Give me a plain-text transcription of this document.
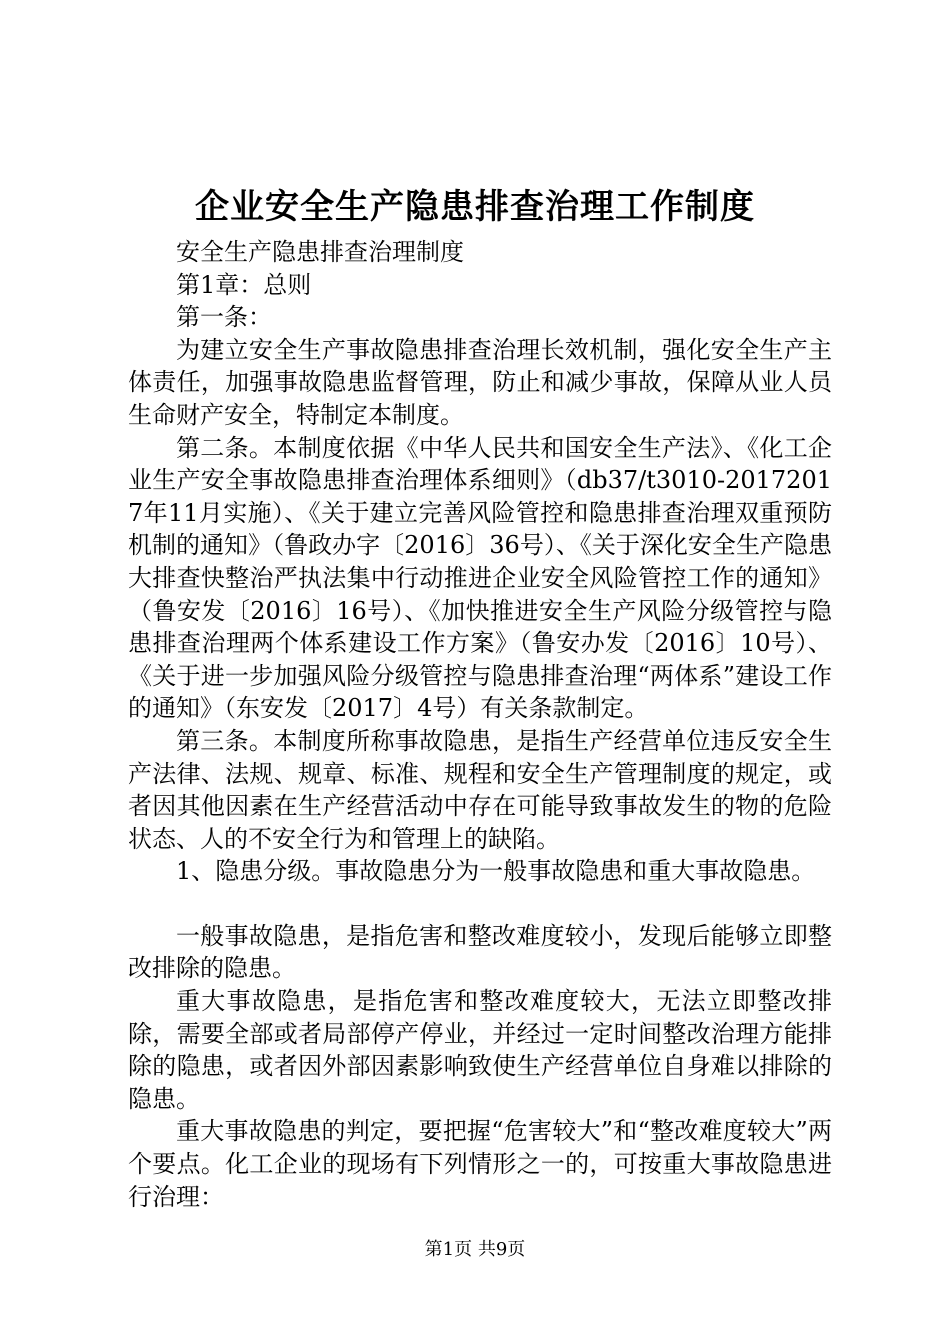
企业安全生产隐患排查治理工作制度

安全生产隐患排查治理制度

第1章：总则

第一条：

为建立安全生产事故隐患排查治理长效机制，强化安全生产主体责任，加强事故隐患监督管理，防止和减少事故，保障从业人员生命财产安全，特制定本制度。

第二条。本制度依据《中华人民共和国安全生产法》、《化工企业生产安全事故隐患排查治理体系细则》（db37/t3010-20172017年11月实施）、《关于建立完善风险管控和隐患排查治理双重预防机制的通知》（鲁政办字〔2016〕36号）、《关于深化安全生产隐患大排查快整治严执法集中行动推进企业安全风险管控工作的通知》（鲁安发〔2016〕16号）、《加快推进安全生产风险分级管控与隐患排查治理两个体系建设工作方案》（鲁安办发〔2016〕10号）、《关于进一步加强风险分级管控与隐患排查治理“两体系”建设工作的通知》（东安发〔2017〕4号）有关条款制定。

第三条。本制度所称事故隐患，是指生产经营单位违反安全生产法律、法规、规章、标准、规程和安全生产管理制度的规定，或者因其他因素在生产经营活动中存在可能导致事故发生的物的危险状态、人的不安全行为和管理上的缺陷。

1、隐患分级。事故隐患分为一般事故隐患和重大事故隐患。

一般事故隐患，是指危害和整改难度较小，发现后能够立即整改排除的隐患。

重大事故隐患，是指危害和整改难度较大，无法立即整改排除，需要全部或者局部停产停业，并经过一定时间整改治理方能排除的隐患，或者因外部因素影响致使生产经营单位自身难以排除的隐患。

重大事故隐患的判定，要把握“危害较大”和“整改难度较大”两个要点。化工企业的现场有下列情形之一的，可按重大事故隐患进行治理：

第1页 共9页
